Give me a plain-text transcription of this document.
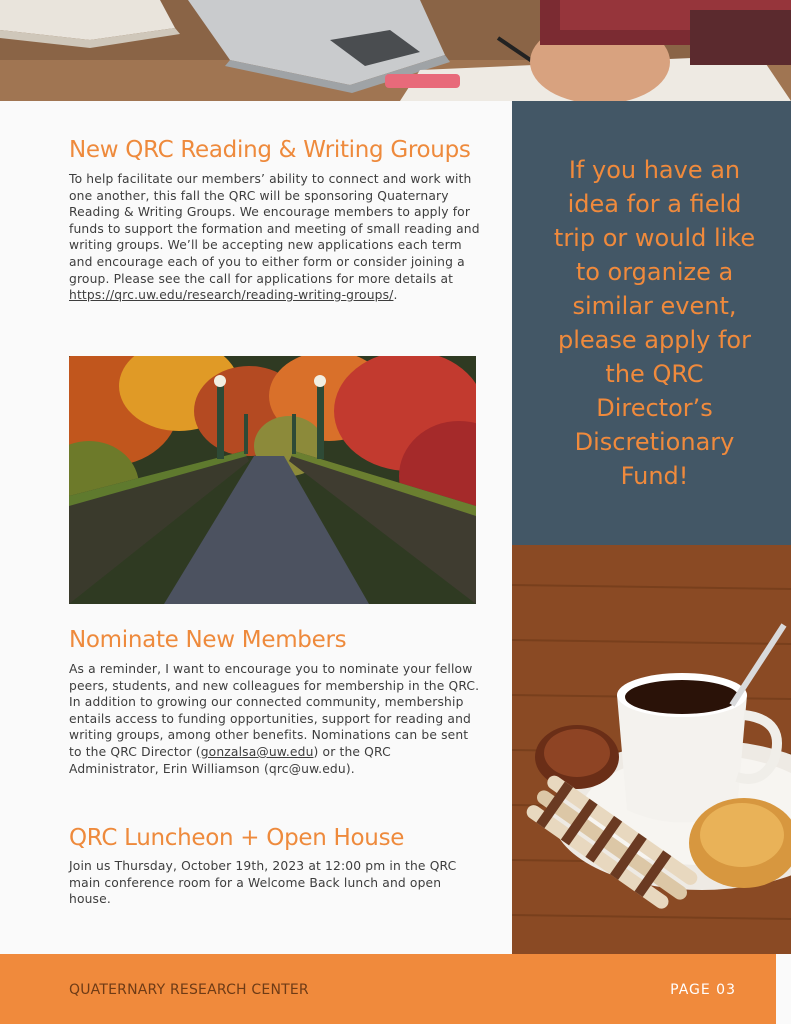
New QRC Reading & Writing Groups

To help facilitate our members’ ability to connect and work with one another, this fall the QRC will be sponsoring Quaternary Reading & Writing Groups. We encourage members to apply for funds to support the formation and meeting of small reading and writing groups. We’ll be accepting new applications each term and encourage each of you to either form or consider joining a group. Please see the call for applications for more details at https://qrc.uw.edu/research/reading-writing-groups/.

Nominate New Members

As a reminder, I want to encourage you to nominate your fellow peers, students, and new colleagues for membership in the QRC. In addition to growing our connected community, membership entails access to funding opportunities, support for reading and writing groups, among other benefits. Nominations can be sent to the QRC Director (gonzalsa@uw.edu) or the QRC Administrator, Erin Williamson (qrc@uw.edu).

QRC Luncheon + Open House

Join us Thursday, October 19th, 2023 at 12:00 pm in the QRC main conference room for a Welcome Back lunch and open house.

If you have an idea for a field trip or would like to organize a similar event, please apply for the QRC Director’s Discretionary Fund!

QUATERNARY RESEARCH CENTER	PAGE 03
